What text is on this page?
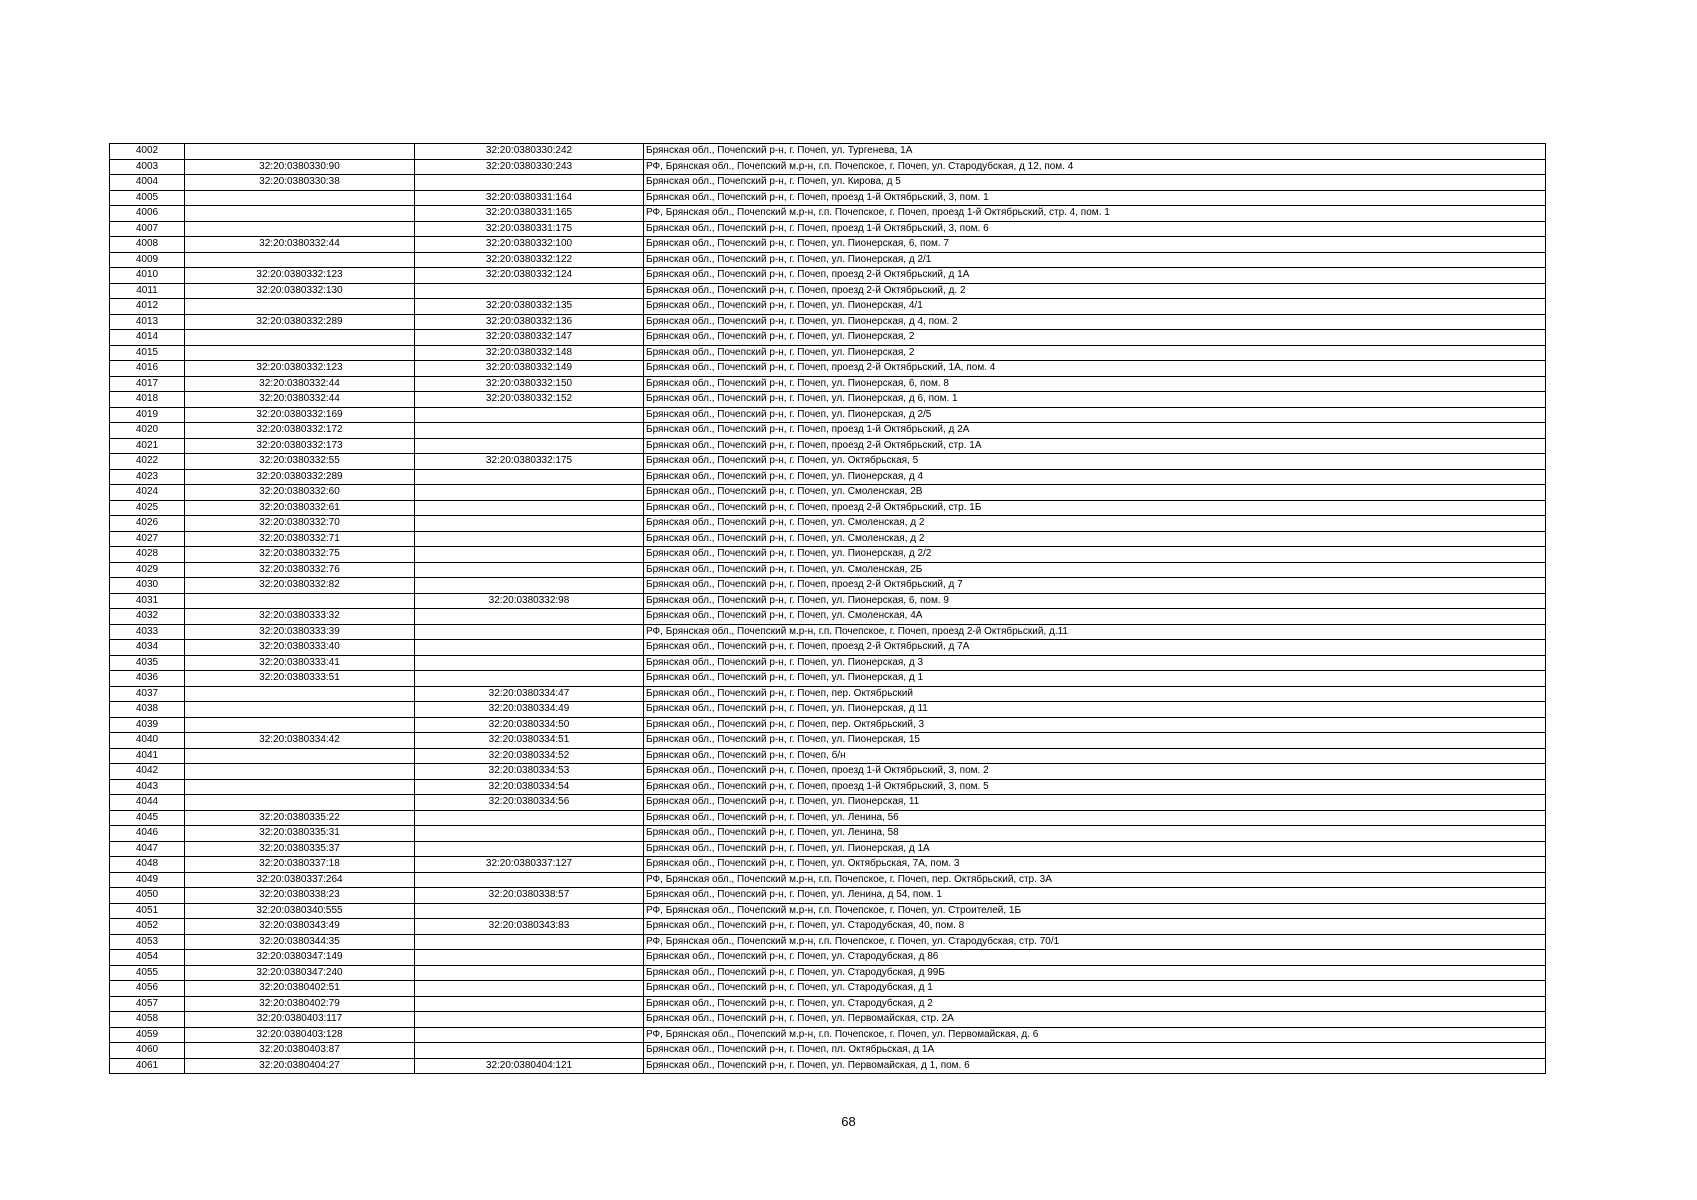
4002		32:20:0380330:242	Брянская обл., Почепский р-н, г. Почеп, ул. Тургенева, 1А
4003	32:20:0380330:90	32:20:0380330:243	РФ, Брянская обл., Почепский м.р-н, г.п. Почепское, г. Почеп, ул. Стародубская, д 12, пом. 4
4004	32:20:0380330:38		Брянская обл., Почепский р-н, г. Почеп, ул. Кирова, д 5
4005		32:20:0380331:164	Брянская обл., Почепский р-н, г. Почеп, проезд 1-й Октябрьский, 3, пом. 1
4006		32:20:0380331:165	РФ, Брянская обл., Почепский м.р-н, г.п. Почепское, г. Почеп, проезд 1-й Октябрьский, стр. 4, пом. 1
4007		32:20:0380331:175	Брянская обл., Почепский р-н, г. Почеп, проезд 1-й Октябрьский, 3, пом. 6
4008	32:20:0380332:44	32:20:0380332:100	Брянская обл., Почепский р-н, г. Почеп, ул. Пионерская, 6, пом. 7
4009		32:20:0380332:122	Брянская обл., Почепский р-н, г. Почеп, ул. Пионерская, д 2/1
4010	32:20:0380332:123	32:20:0380332:124	Брянская обл., Почепский р-н, г. Почеп, проезд 2-й Октябрьский, д 1А
4011	32:20:0380332:130		Брянская обл., Почепский р-н, г. Почеп, проезд 2-й Октябрьский, д. 2
4012		32:20:0380332:135	Брянская обл., Почепский р-н, г. Почеп, ул. Пионерская, 4/1
4013	32:20:0380332:289	32:20:0380332:136	Брянская обл., Почепский р-н, г. Почеп, ул. Пионерская, д 4, пом. 2
4014		32:20:0380332:147	Брянская обл., Почепский р-н, г. Почеп, ул. Пионерская, 2
4015		32:20:0380332:148	Брянская обл., Почепский р-н, г. Почеп, ул. Пионерская, 2
4016	32:20:0380332:123	32:20:0380332:149	Брянская обл., Почепский р-н, г. Почеп, проезд 2-й Октябрьский, 1А, пом. 4
4017	32:20:0380332:44	32:20:0380332:150	Брянская обл., Почепский р-н, г. Почеп, ул. Пионерская, 6, пом. 8
4018	32:20:0380332:44	32:20:0380332:152	Брянская обл., Почепский р-н, г. Почеп, ул. Пионерская, д 6, пом. 1
4019	32:20:0380332:169		Брянская обл., Почепский р-н, г. Почеп, ул. Пионерская, д 2/5
4020	32:20:0380332:172		Брянская обл., Почепский р-н, г. Почеп, проезд 1-й Октябрьский, д 2А
4021	32:20:0380332:173		Брянская обл., Почепский р-н, г. Почеп, проезд 2-й Октябрьский, стр. 1А
4022	32:20:0380332:55	32:20:0380332:175	Брянская обл., Почепский р-н, г. Почеп, ул. Октябрьская, 5
4023	32:20:0380332:289		Брянская обл., Почепский р-н, г. Почеп, ул. Пионерская, д 4
4024	32:20:0380332:60		Брянская обл., Почепский р-н, г. Почеп, ул. Смоленская, 2В
4025	32:20:0380332:61		Брянская обл., Почепский р-н, г. Почеп, проезд 2-й Октябрьский, стр. 1Б
4026	32:20:0380332:70		Брянская обл., Почепский р-н, г. Почеп, ул. Смоленская, д 2
4027	32:20:0380332:71		Брянская обл., Почепский р-н, г. Почеп, ул. Смоленская, д 2
4028	32:20:0380332:75		Брянская обл., Почепский р-н, г. Почеп, ул. Пионерская, д 2/2
4029	32:20:0380332:76		Брянская обл., Почепский р-н, г. Почеп, ул. Смоленская, 2Б
4030	32:20:0380332:82		Брянская обл., Почепский р-н, г. Почеп, проезд 2-й Октябрьский, д 7
4031		32:20:0380332:98	Брянская обл., Почепский р-н, г. Почеп, ул. Пионерская, 6, пом. 9
4032	32:20:0380333:32		Брянская обл., Почепский р-н, г. Почеп, ул. Смоленская, 4А
4033	32:20:0380333:39		РФ, Брянская обл., Почепский м.р-н, г.п. Почепское, г. Почеп, проезд 2-й Октябрьский, д.11
4034	32:20:0380333:40		Брянская обл., Почепский р-н, г. Почеп, проезд 2-й Октябрьский, д 7А
4035	32:20:0380333:41		Брянская обл., Почепский р-н, г. Почеп, ул. Пионерская, д 3
4036	32:20:0380333:51		Брянская обл., Почепский р-н, г. Почеп, ул. Пионерская, д 1
4037		32:20:0380334:47	Брянская обл., Почепский р-н, г. Почеп, пер. Октябрьский
4038		32:20:0380334:49	Брянская обл., Почепский р-н, г. Почеп, ул. Пионерская, д 11
4039		32:20:0380334:50	Брянская обл., Почепский р-н, г. Почеп, пер. Октябрьский, 3
4040	32:20:0380334:42	32:20:0380334:51	Брянская обл., Почепский р-н, г. Почеп, ул. Пионерская, 15
4041		32:20:0380334:52	Брянская обл., Почепский р-н, г. Почеп, б/н
4042		32:20:0380334:53	Брянская обл., Почепский р-н, г. Почеп, проезд 1-й Октябрьский, 3, пом. 2
4043		32:20:0380334:54	Брянская обл., Почепский р-н, г. Почеп, проезд 1-й Октябрьский, 3, пом. 5
4044		32:20:0380334:56	Брянская обл., Почепский р-н, г. Почеп, ул. Пионерская, 11
4045	32:20:0380335:22		Брянская обл., Почепский р-н, г. Почеп, ул. Ленина, 56
4046	32:20:0380335:31		Брянская обл., Почепский р-н, г. Почеп, ул. Ленина, 58
4047	32:20:0380335:37		Брянская обл., Почепский р-н, г. Почеп, ул. Пионерская, д 1А
4048	32:20:0380337:18	32:20:0380337:127	Брянская обл., Почепский р-н, г. Почеп, ул. Октябрьская, 7А, пом. 3
4049	32:20:0380337:264		РФ, Брянская обл., Почепский м.р-н, г.п. Почепское, г. Почеп, пер. Октябрьский, стр. 3А
4050	32:20:0380338:23	32:20:0380338:57	Брянская обл., Почепский р-н, г. Почеп, ул. Ленина, д 54, пом. 1
4051	32:20:0380340:555		РФ, Брянская обл., Почепский м.р-н, г.п. Почепское, г. Почеп, ул. Строителей, 1Б
4052	32:20:0380343:49	32:20:0380343:83	Брянская обл., Почепский р-н, г. Почеп, ул. Стародубская, 40, пом. 8
4053	32:20:0380344:35		РФ, Брянская обл., Почепский м.р-н, г.п. Почепское, г. Почеп, ул. Стародубская, стр. 70/1
4054	32:20:0380347:149		Брянская обл., Почепский р-н, г. Почеп, ул. Стародубская, д 86
4055	32:20:0380347:240		Брянская обл., Почепский р-н, г. Почеп, ул. Стародубская, д 99Б
4056	32:20:0380402:51		Брянская обл., Почепский р-н, г. Почеп, ул. Стародубская, д 1
4057	32:20:0380402:79		Брянская обл., Почепский р-н, г. Почеп, ул. Стародубская, д 2
4058	32:20:0380403:117		Брянская обл., Почепский р-н, г. Почеп, ул. Первомайская, стр. 2А
4059	32:20:0380403:128		РФ, Брянская обл., Почепский м.р-н, г.п. Почепское, г. Почеп, ул. Первомайская, д. 6
4060	32:20:0380403:87		Брянская обл., Почепский р-н, г. Почеп, пл. Октябрьская, д 1А
4061	32:20:0380404:27	32:20:0380404:121	Брянская обл., Почепский р-н, г. Почеп, ул. Первомайская, д 1, пом. 6
68
